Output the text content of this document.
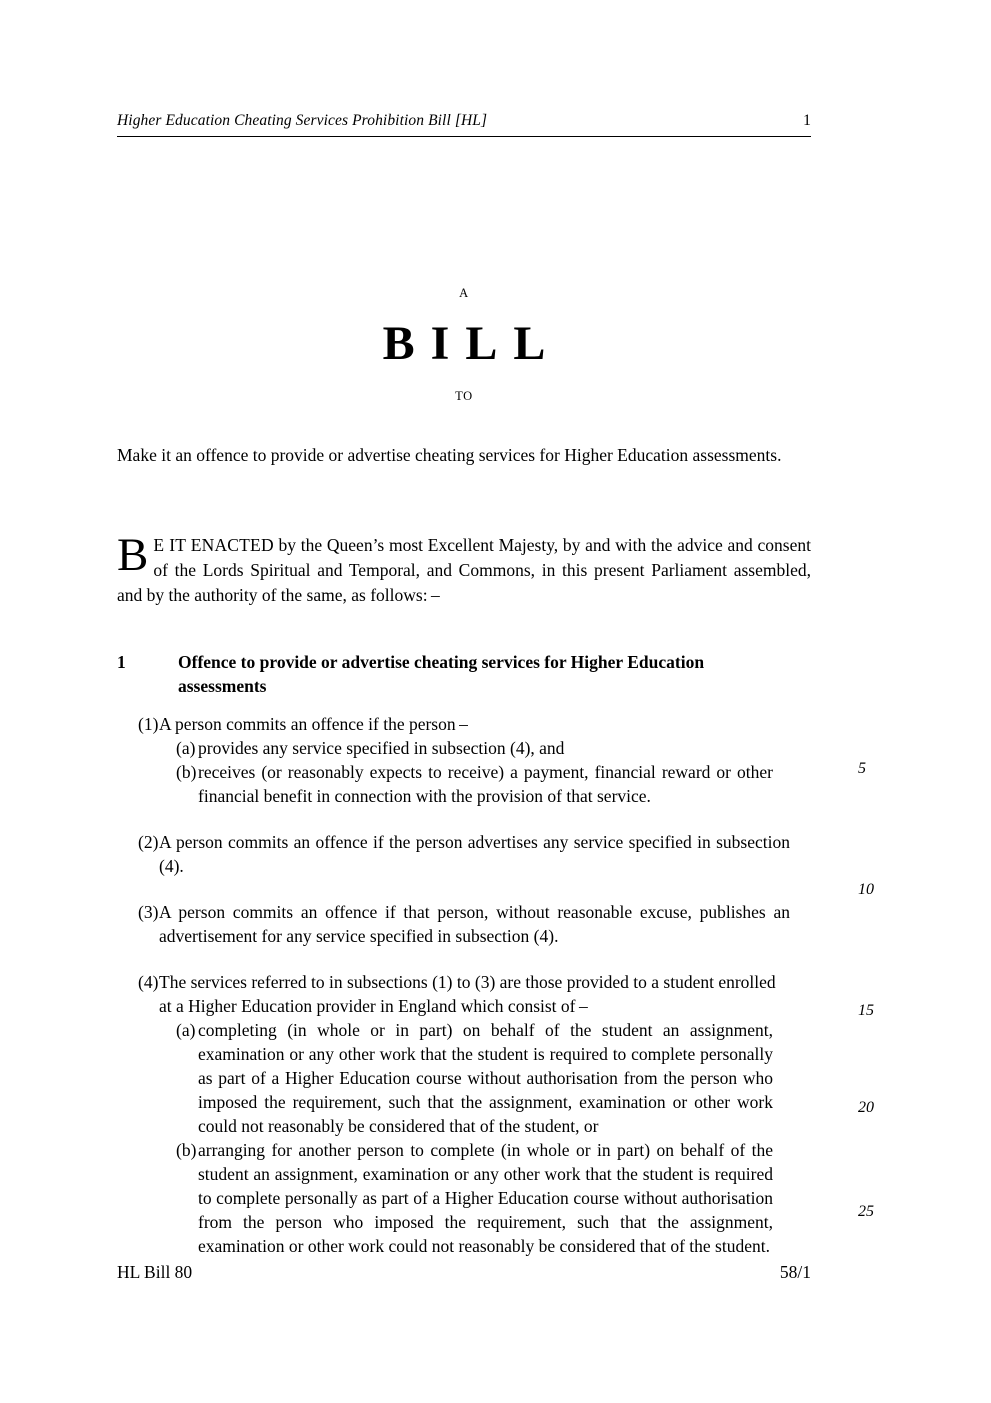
Higher Education Cheating Services Prohibition Bill [HL]	1
A
BILL
TO
Make it an offence to provide or advertise cheating services for Higher Education assessments.
B E IT ENACTED by the Queen’s most Excellent Majesty, by and with the advice and consent of the Lords Spiritual and Temporal, and Commons, in this present Parliament assembled, and by the authority of the same, as follows: –
1	Offence to provide or advertise cheating services for Higher Education assessments
(1) A person commits an offence if the person –
(a) provides any service specified in subsection (4), and
(b) receives (or reasonably expects to receive) a payment, financial reward or other financial benefit in connection with the provision of that service.
(2) A person commits an offence if the person advertises any service specified in subsection (4).
(3) A person commits an offence if that person, without reasonable excuse, publishes an advertisement for any service specified in subsection (4).
(4) The services referred to in subsections (1) to (3) are those provided to a student enrolled at a Higher Education provider in England which consist of –
(a) completing (in whole or in part) on behalf of the student an assignment, examination or any other work that the student is required to complete personally as part of a Higher Education course without authorisation from the person who imposed the requirement, such that the assignment, examination or other work could not reasonably be considered that of the student, or
(b) arranging for another person to complete (in whole or in part) on behalf of the student an assignment, examination or any other work that the student is required to complete personally as part of a Higher Education course without authorisation from the person who imposed the requirement, such that the assignment, examination or other work could not reasonably be considered that of the student.
5
10
15
20
25
HL Bill 80	58/1
